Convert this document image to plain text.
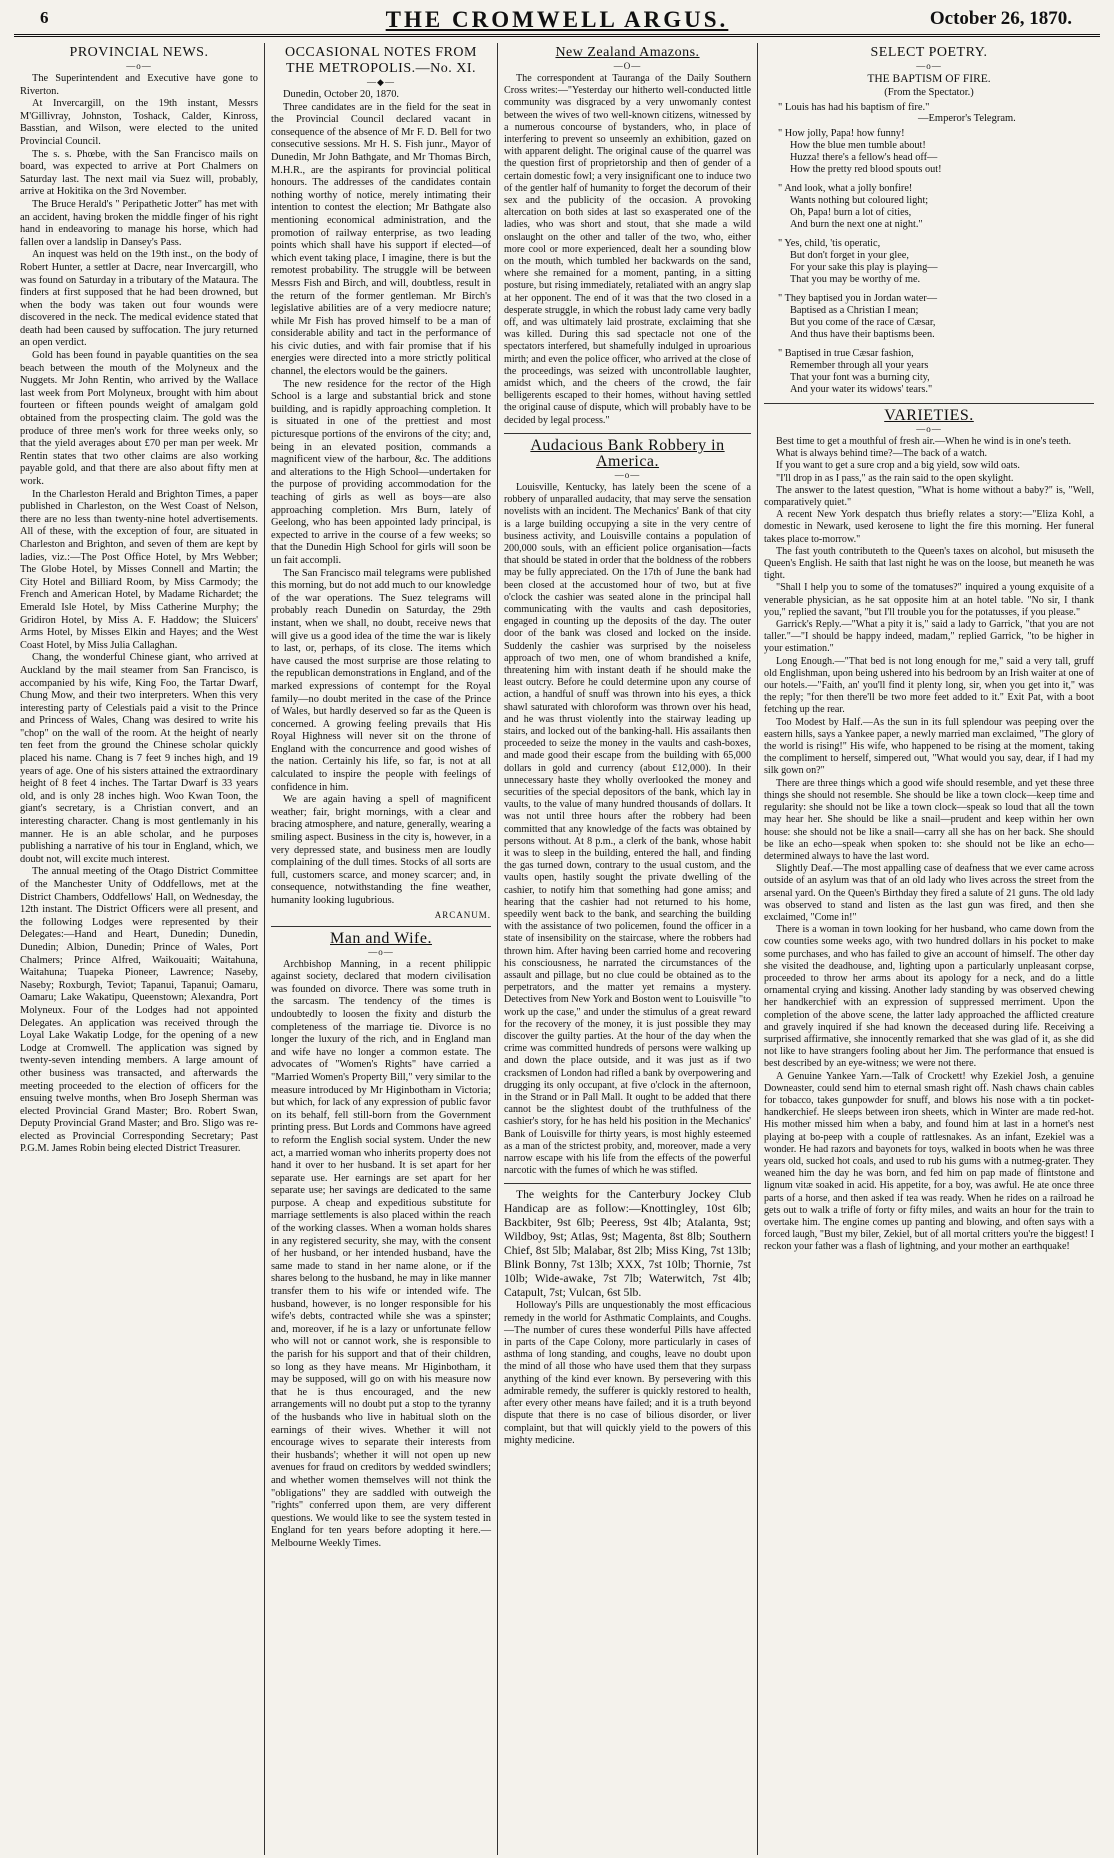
6	THE CROMWELL ARGUS.	October 26, 1870.
PROVINCIAL NEWS.
—o—

The Superintendent and Executive have gone to Riverton.

At Invercargill, on the 19th instant, Messrs M'Gillivray, Johnston, Toshack, Calder, Kinross, Basstian, and Wilson, were elected to the united Provincial Council.

The s. s. Phœbe, with the San Francisco mails on board, was expected to arrive at Port Chalmers on Saturday last. The next mail via Suez will, probably, arrive at Hokitika on the 3rd November.

The Bruce Herald's " Peripathetic Jotter" has met with an accident, having broken the middle finger of his right hand in endeavoring to manage his horse, which had fallen over a landslip in Dansey's Pass.

An inquest was held on the 19th inst., on the body of Robert Hunter, a settler at Dacre, near Invercargill, who was found on Saturday in a tributary of the Mataura. The finders at first supposed that he had been drowned, but when the body was taken out four wounds were discovered in the neck. The medical evidence stated that death had been caused by suffocation. The jury returned an open verdict.

Gold has been found in payable quantities on the sea beach between the mouth of the Molyneux and the Nuggets. Mr John Rentin, who arrived by the Wallace last week from Port Molyneux, brought with him about fourteen or fifteen pounds weight of amalgam gold obtained from the prospecting claim. The gold was the produce of three men's work for three weeks only, so that the yield averages about £70 per man per week. Mr Rentin states that two other claims are also working payable gold, and that there are also about fifty men at work.

In the Charleston Herald and Brighton Times, a paper published in Charleston, on the West Coast of Nelson, there are no less than twenty-nine hotel advertisements. All of these, with the exception of four, are situated in Charleston and Brighton, and seven of them are kept by ladies, viz.:—The Post Office Hotel, by Mrs Webber; The Globe Hotel, by Misses Connell and Martin; the City Hotel and Billiard Room, by Miss Carmody; the French and American Hotel, by Madame Richardet; the Emerald Isle Hotel, by Miss Catherine Murphy; the Gridiron Hotel, by Miss A. F. Haddow; the Sluicers' Arms Hotel, by Misses Elkin and Hayes; and the West Coast Hotel, by Miss Julia Callaghan.

Chang, the wonderful Chinese giant, who arrived at Auckland by the mail steamer from San Francisco, is accompanied by his wife, King Foo, the Tartar Dwarf, Chung Mow, and their two interpreters. When this very interesting party of Celestials paid a visit to the Prince and Princess of Wales, Chang was desired to write his "chop" on the wall of the room. At the height of nearly ten feet from the ground the Chinese scholar quickly placed his name. Chang is 7 feet 9 inches high, and 19 years of age. One of his sisters attained the extraordinary height of 8 feet 4 inches. The Tartar Dwarf is 33 years old, and is only 28 inches high. Woo Kwan Toon, the giant's secretary, is a Christian convert, and an interesting character. Chang is most gentlemanly in his manner. He is an able scholar, and he purposes publishing a narrative of his tour in England, which, we doubt not, will excite much interest.

The annual meeting of the Otago District Committee of the Manchester Unity of Oddfellows, met at the District Chambers, Oddfellows' Hall, on Wednesday, the 12th instant. The District Officers were all present, and the following Lodges were represented by their Delegates:—Hand and Heart, Dunedin; Dunedin, Dunedin; Albion, Dunedin; Prince of Wales, Port Chalmers; Prince Alfred, Waikouaiti; Waitahuna, Waitahuna; Tuapeka Pioneer, Lawrence; Naseby, Naseby; Roxburgh, Teviot; Tapanui, Tapanui; Oamaru, Oamaru; Lake Wakatipu, Queenstown; Alexandra, Port Molyneux. Four of the Lodges had not appointed Delegates. An application was received through the Loyal Lake Wakatip Lodge, for the opening of a new Lodge at Cromwell. The application was signed by twenty-seven intending members. A large amount of other business was transacted, and afterwards the meeting proceeded to the election of officers for the ensuing twelve months, when Bro Joseph Sherman was elected Provincial Grand Master; Bro. Robert Swan, Deputy Provincial Grand Master; and Bro. Sligo was re-elected as Provincial Corresponding Secretary; Past P.G.M. James Robin being elected District Treasurer.

OCCASIONAL NOTES FROM THE METROPOLIS.—No. XI.
—◆—

Dunedin, October 20, 1870.

Three candidates are in the field for the seat in the Provincial Council declared vacant in consequence of the absence of Mr F. D. Bell for two consecutive sessions. Mr H. S. Fish junr., Mayor of Dunedin, Mr John Bathgate, and Mr Thomas Birch, M.H.R., are the aspirants for provincial political honours. The addresses of the candidates contain nothing worthy of notice, merely intimating their intention to contest the election; Mr Bathgate also mentioning economical administration, and the promotion of railway enterprise, as two leading points which shall have his support if elected—of which event taking place, I imagine, there is but the remotest probability. The struggle will be between Messrs Fish and Birch, and will, doubtless, result in the return of the former gentleman. Mr Birch's legislative abilities are of a very mediocre nature; while Mr Fish has proved himself to be a man of considerable ability and tact in the performance of his civic duties, and with fair promise that if his energies were directed into a more strictly political channel, the electors would be the gainers.

The new residence for the rector of the High School is a large and substantial brick and stone building, and is rapidly approaching completion. It is situated in one of the prettiest and most picturesque portions of the environs of the city; and, being in an elevated position, commands a magnificent view of the harbour, &c. The additions and alterations to the High School—undertaken for the purpose of providing accommodation for the teaching of girls as well as boys—are also approaching completion. Mrs Burn, lately of Geelong, who has been appointed lady principal, is expected to arrive in the course of a few weeks; so that the Dunedin High School for girls will soon be un fait accompli.

The San Francisco mail telegrams were published this morning, but do not add much to our knowledge of the war operations. The Suez telegrams will probably reach Dunedin on Saturday, the 29th instant, when we shall, no doubt, receive news that will give us a good idea of the time the war is likely to last, or, perhaps, of its close. The items which have caused the most surprise are those relating to the republican demonstrations in England, and of the marked expressions of contempt for the Royal family—no doubt merited in the case of the Prince of Wales, but hardly deserved so far as the Queen is concerned. A growing feeling prevails that His Royal Highness will never sit on the throne of England with the concurrence and good wishes of the nation. Certainly his life, so far, is not at all calculated to inspire the people with feelings of confidence in him.

We are again having a spell of magnificent weather; fair, bright mornings, with a clear and bracing atmosphere, and nature, generally, wearing a smiling aspect. Business in the city is, however, in a very depressed state, and business men are loudly complaining of the dull times. Stocks of all sorts are full, customers scarce, and money scarcer; and, in consequence, notwithstanding the fine weather, humanity looking lugubrious.

ARCANUM.
Man and Wife.
—o—

Archbishop Manning, in a recent philippic against society, declared that modern civilisation was founded on divorce. There was some truth in the sarcasm. The tendency of the times is undoubtedly to loosen the fixity and disturb the completeness of the marriage tie. Divorce is no longer the luxury of the rich, and in England man and wife have no longer a common estate. The advocates of "Women's Rights" have carried a "Married Women's Property Bill," very similar to the measure introduced by Mr Higinbotham in Victoria; but which, for lack of any expression of public favor on its behalf, fell still-born from the Government printing press. But Lords and Commons have agreed to reform the English social system. Under the new act, a married woman who inherits property does not hand it over to her husband. It is set apart for her separate use. Her earnings are set apart for her separate use; her savings are dedicated to the same purpose. A cheap and expeditious substitute for marriage settlements is also placed within the reach of the working classes. When a woman holds shares in any registered security, she may, with the consent of her husband, or her intended husband, have the same made to stand in her name alone, or if the shares belong to the husband, he may in like manner transfer them to his wife or intended wife. The husband, however, is no longer responsible for his wife's debts, contracted while she was a spinster; and, moreover, if he is a lazy or unfortunate fellow who will not or cannot work, she is responsible to the parish for his support and that of their children, so long as they have means. Mr Higinbotham, it may be supposed, will go on with his measure now that he is thus encouraged, and the new arrangements will no doubt put a stop to the tyranny of the husbands who live in habitual sloth on the earnings of their wives. Whether it will not encourage wives to separate their interests from their husbands'; whether it will not open up new avenues for fraud on creditors by wedded swindlers; and whether women themselves will not think the "obligations" they are saddled with outweigh the "rights" conferred upon them, are very different questions. We would like to see the system tested in England for ten years before adopting it here.—Melbourne Weekly Times.

New Zealand Amazons.
—O—

The correspondent at Tauranga of the Daily Southern Cross writes:—"Yesterday our hitherto well-conducted little community was disgraced by a very unwomanly contest between the wives of two well-known citizens, witnessed by a numerous concourse of bystanders, who, in place of interfering to prevent so unseemly an exhibition, gazed on with apparent delight. The original cause of the quarrel was the question first of proprietorship and then of gender of a certain domestic fowl; a very insignificant one to induce two of the gentler half of humanity to forget the decorum of their sex and the publicity of the occasion. A provoking altercation on both sides at last so exasperated one of the ladies, who was short and stout, that she made a wild onslaught on the other and taller of the two, who, either more cool or more experienced, dealt her a sounding blow on the mouth, which tumbled her backwards on the sand, where she remained for a moment, panting, in a sitting posture, but rising immediately, retaliated with an angry slap at her opponent. The end of it was that the two closed in a desperate struggle, in which the robust lady came very badly off, and was ultimately laid prostrate, exclaiming that she was killed. During this sad spectacle not one of the spectators interfered, but shamefully indulged in uproarious mirth; and even the police officer, who arrived at the close of the proceedings, was seized with uncontrollable laughter, amidst which, and the cheers of the crowd, the fair belligerents escaped to their homes, without having settled the original cause of dispute, which will probably have to be decided by legal process."

Audacious Bank Robbery in America.
—o—

Louisville, Kentucky, has lately been the scene of a robbery of unparalled audacity, that may serve the sensation novelists with an incident. The Mechanics' Bank of that city is a large building occupying a site in the very centre of business activity, and Louisville contains a population of 200,000 souls, with an efficient police organisation—facts that should be stated in order that the boldness of the robbers may be fully appreciated. On the 17th of June the bank had been closed at the accustomed hour of two, but at five o'clock the cashier was seated alone in the principal hall communicating with the vaults and cash depositories, engaged in counting up the deposits of the day. The outer door of the bank was closed and locked on the inside. Suddenly the cashier was surprised by the noiseless approach of two men, one of whom brandished a knife, threatening him with instant death if he should make the least outcry. Before he could determine upon any course of action, a handful of snuff was thrown into his eyes, a thick shawl saturated with chloroform was thrown over his head, and he was thrust violently into the stairway leading up stairs, and locked out of the banking-hall. His assailants then proceeded to seize the money in the vaults and cash-boxes, and made good their escape from the building with 65,000 dollars in gold and currency (about £12,000). In their unnecessary haste they wholly overlooked the money and securities of the special depositors of the bank, which lay in vaults, to the value of many hundred thousands of dollars. It was not until three hours after the robbery had been committed that any knowledge of the facts was obtained by persons without. At 8 p.m., a clerk of the bank, whose habit it was to sleep in the building, entered the hall, and finding the gas turned down, contrary to the usual custom, and the vaults open, hastily sought the private dwelling of the cashier, to notify him that something had gone amiss; and hearing that the cashier had not returned to his home, speedily went back to the bank, and searching the building with the assistance of two policemen, found the officer in a state of insensibility on the staircase, where the robbers had thrown him. After having been carried home and recovering his consciousness, he narrated the circumstances of the assault and pillage, but no clue could be obtained as to the perpetrators, and the matter yet remains a mystery. Detectives from New York and Boston went to Louisville "to work up the case," and under the stimulus of a great reward for the recovery of the money, it is just possible they may discover the guilty parties. At the hour of the day when the crime was committed hundreds of persons were walking up and down the place outside, and it was just as if two cracksmen of London had rifled a bank by overpowering and drugging its only occupant, at five o'clock in the afternoon, in the Strand or in Pall Mall. It ought to be added that there cannot be the slightest doubt of the truthfulness of the cashier's story, for he has held his position in the Mechanics' Bank of Louisville for thirty years, is most highly esteemed as a man of the strictest probity, and, moreover, made a very narrow escape with his life from the effects of the powerful narcotic with the fumes of which he was stifled.

The weights for the Canterbury Jockey Club Handicap are as follow:—Knottingley, 10st 6lb; Backbiter, 9st 6lb; Peeress, 9st 4lb; Atalanta, 9st; Wildboy, 9st; Atlas, 9st; Magenta, 8st 8lb; Southern Chief, 8st 5lb; Malabar, 8st 2lb; Miss King, 7st 13lb; Blink Bonny, 7st 13lb; XXX, 7st 10lb; Thornie, 7st 10lb; Wide-awake, 7st 7lb; Waterwitch, 7st 4lb; Catapult, 7st; Vulcan, 6st 5lb.

Holloway's Pills are unquestionably the most efficacious remedy in the world for Asthmatic Complaints, and Coughs.—The number of cures these wonderful Pills have affected in parts of the Cape Colony, more particularly in cases of asthma of long standing, and coughs, leave no doubt upon the mind of all those who have used them that they surpass anything of the kind ever known. By persevering with this admirable remedy, the sufferer is quickly restored to health, after every other means have failed; and it is a truth beyond dispute that there is no case of bilious disorder, or liver complaint, but that will quickly yield to the powers of this mighty medicine.

SELECT POETRY.
—o—
THE BAPTISM OF FIRE.
(From the Spectator.)
" Louis has had his baptism of fire."
—Emperor's Telegram.
" How jolly, Papa! how funny!
How the blue men tumble about!
Huzza! there's a fellow's head off—
How the pretty red blood spouts out!
" And look, what a jolly bonfire!
Wants nothing but coloured light;
Oh, Papa! burn a lot of cities,
And burn the next one at night."
" Yes, child, 'tis operatic,
But don't forget in your glee,
For your sake this play is playing—
That you may be worthy of me.
" They baptised you in Jordan water—
Baptised as a Christian I mean;
But you come of the race of Cæsar,
And thus have their baptisms been.
" Baptised in true Cæsar fashion,
Remember through all your years
That your font was a burning city,
And your water its widows' tears."
VARIETIES.
—o—

Best time to get a mouthful of fresh air.—When he wind is in one's teeth.

What is always behind time?—The back of a watch.

If you want to get a sure crop and a big yield, sow wild oats.

"I'll drop in as I pass," as the rain said to the open skylight.

The answer to the latest question, "What is home without a baby?" is, "Well, comparatively quiet."

A recent New York despatch thus briefly relates a story:—"Eliza Kohl, a domestic in Newark, used kerosene to light the fire this morning. Her funeral takes place to-morrow."

The fast youth contributeth to the Queen's taxes on alcohol, but misuseth the Queen's English. He saith that last night he was on the loose, but meaneth he was tight.

"Shall I help you to some of the tomatuses?" inquired a young exquisite of a venerable physician, as he sat opposite him at an hotel table. "No sir, I thank you," replied the savant, "but I'll trouble you for the potatusses, if you please."

Garrick's Reply.—"What a pity it is," said a lady to Garrick, "that you are not taller."—"I should be happy indeed, madam," replied Garrick, "to be higher in your estimation."

Long Enough.—"That bed is not long enough for me," said a very tall, gruff old Englishman, upon being ushered into his bedroom by an Irish waiter at one of our hotels.—"Faith, an' you'll find it plenty long, sir, when you get into it," was the reply; "for then there'll be two more feet added to it." Exit Pat, with a boot fetching up the rear.

Too Modest by Half.—As the sun in its full splendour was peeping over the eastern hills, says a Yankee paper, a newly married man exclaimed, "The glory of the world is rising!" His wife, who happened to be rising at the moment, taking the compliment to herself, simpered out, "What would you say, dear, if I had my silk gown on?"

There are three things which a good wife should resemble, and yet these three things she should not resemble. She should be like a town clock—keep time and regularity: she should not be like a town clock—speak so loud that all the town may hear her. She should be like a snail—prudent and keep within her own house: she should not be like a snail—carry all she has on her back. She should be like an echo—speak when spoken to: she should not be like an echo—determined always to have the last word.

Slightly Deaf.—The most appalling case of deafness that we ever came across outside of an asylum was that of an old lady who lives across the street from the arsenal yard. On the Queen's Birthday they fired a salute of 21 guns. The old lady was observed to stand and listen as the last gun was fired, and then she exclaimed, "Come in!"

There is a woman in town looking for her husband, who came down from the cow counties some weeks ago, with two hundred dollars in his pocket to make some purchases, and who has failed to give an account of himself. The other day she visited the deadhouse, and, lighting upon a particularly unpleasant corpse, proceeded to throw her arms about its apology for a neck, and do a little ornamental crying and kissing. Another lady standing by was observed chewing her handkerchief with an expression of suppressed merriment. Upon the completion of the above scene, the latter lady approached the afflicted creature and gravely inquired if she had known the deceased during life. Receiving a surprised affirmative, she innocently remarked that she was glad of it, as she did not like to have strangers fooling about her Jim. The performance that ensued is best described by an eye-witness; we were not there.

A Genuine Yankee Yarn.—Talk of Crockett! why Ezekiel Josh, a genuine Downeaster, could send him to eternal smash right off. Nash chaws chain cables for tobacco, takes gunpowder for snuff, and blows his nose with a tin pocket-handkerchief. He sleeps between iron sheets, which in Winter are made red-hot. His mother missed him when a baby, and found him at last in a hornet's nest playing at bo-peep with a couple of rattlesnakes. As an infant, Ezekiel was a wonder. He had razors and bayonets for toys, walked in boots when he was three years old, sucked hot coals, and used to rub his gums with a nutmeg-grater. They weaned him the day he was born, and fed him on pap made of flintstone and lignum vitæ soaked in acid. His appetite, for a boy, was awful. He ate once three parts of a horse, and then asked if tea was ready. When he rides on a railroad he gets out to walk a trifle of forty or fifty miles, and waits an hour for the train to overtake him. The engine comes up panting and blowing, and often says with a forced laugh, "Bust my biler, Zekiel, but of all mortal critters you're the biggest! I reckon your father was a flash of lightning, and your mother an earthquake!
